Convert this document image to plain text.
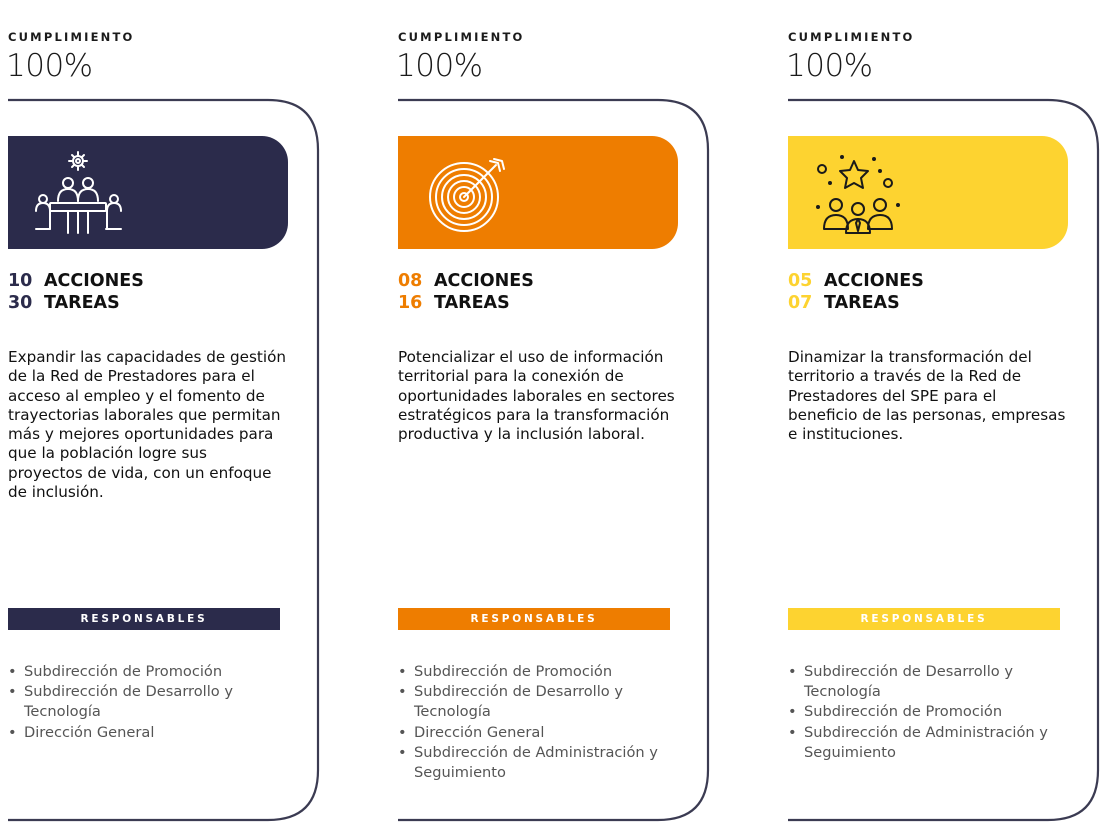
CUMPLIMIENTO
100%
10 ACCIONES
30 TAREAS

Expandir las capacidades de gestión de la Red de Prestadores para el acceso al empleo y el fomento de trayectorias laborales que permitan más y mejores oportunidades para que la población logre sus proyectos de vida, con un enfoque de inclusión.

RESPONSABLES
• Subdirección de Promoción
• Subdirección de Desarrollo y Tecnología
• Dirección General
CUMPLIMIENTO
100%
08 ACCIONES
16 TAREAS

Potencializar el uso de información territorial para la conexión de oportunidades laborales en sectores estratégicos para la transformación productiva y la inclusión laboral.

RESPONSABLES
• Subdirección de Promoción
• Subdirección de Desarrollo y Tecnología
• Dirección General
• Subdirección de Administración y Seguimiento
CUMPLIMIENTO
100%
05 ACCIONES
07 TAREAS

Dinamizar la transformación del territorio a través de la Red de Prestadores del SPE para el beneficio de las personas, empresas e instituciones.

RESPONSABLES
• Subdirección de Desarrollo y Tecnología
• Subdirección de Promoción
• Subdirección de Administración y Seguimiento
